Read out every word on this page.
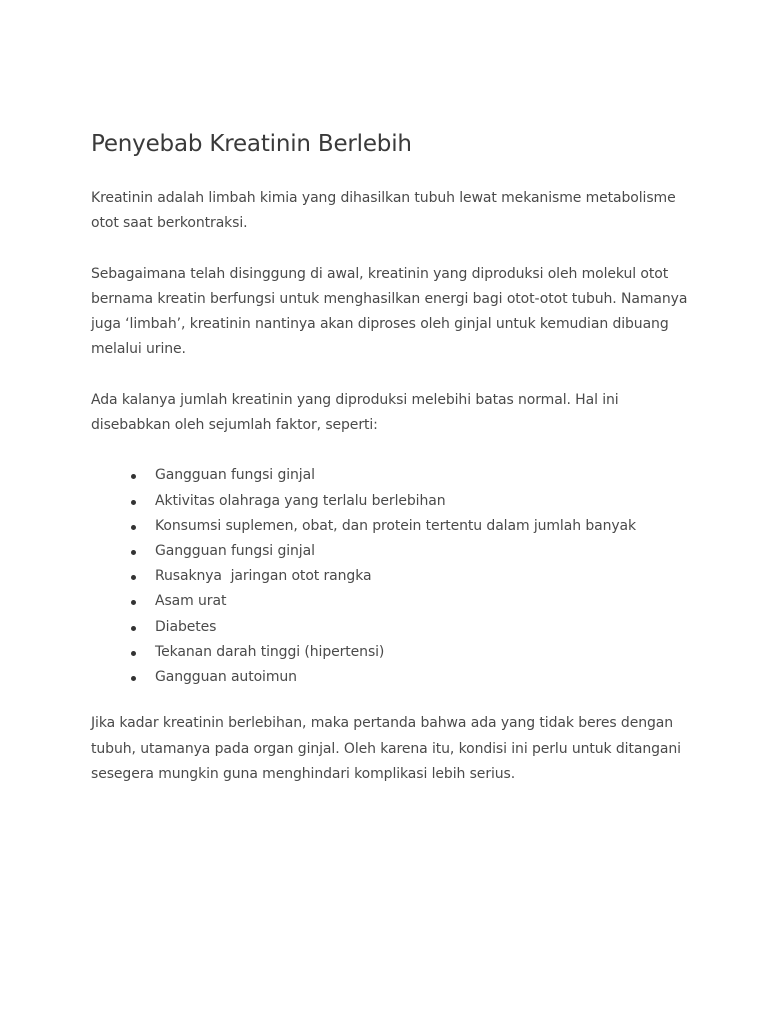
Penyebab Kreatinin Berlebih

Kreatinin adalah limbah kimia yang dihasilkan tubuh lewat mekanisme metabolisme otot saat berkontraksi.

Sebagaimana telah disinggung di awal, kreatinin yang diproduksi oleh molekul otot bernama kreatin berfungsi untuk menghasilkan energi bagi otot-otot tubuh. Namanya juga ‘limbah’, kreatinin nantinya akan diproses oleh ginjal untuk kemudian dibuang melalui urine.

Ada kalanya jumlah kreatinin yang diproduksi melebihi batas normal. Hal ini disebabkan oleh sejumlah faktor, seperti:

Gangguan fungsi ginjal
Aktivitas olahraga yang terlalu berlebihan
Konsumsi suplemen, obat, dan protein tertentu dalam jumlah banyak
Gangguan fungsi ginjal
Rusaknya  jaringan otot rangka
Asam urat
Diabetes
Tekanan darah tinggi (hipertensi)
Gangguan autoimun

Jika kadar kreatinin berlebihan, maka pertanda bahwa ada yang tidak beres dengan tubuh, utamanya pada organ ginjal. Oleh karena itu, kondisi ini perlu untuk ditangani sesegera mungkin guna menghindari komplikasi lebih serius.
